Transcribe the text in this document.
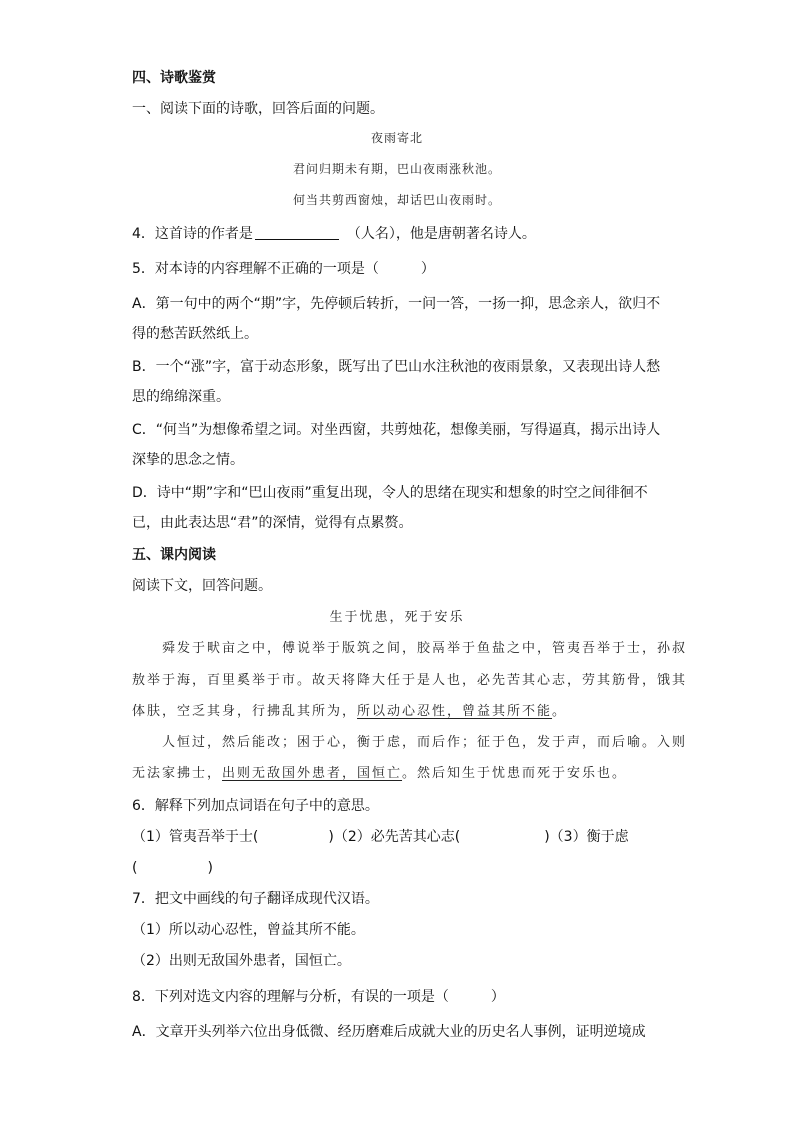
四、诗歌鉴赏
一、阅读下面的诗歌，回答后面的问题。
夜雨寄北
君问归期未有期，巴山夜雨涨秋池。
何当共剪西窗烛，却话巴山夜雨时。
4．这首诗的作者是	（人名），他是唐朝著名诗人。
5．对本诗的内容理解不正确的一项是（　　　）
A．第一句中的两个“期”字，先停顿后转折，一问一答，一扬一抑，思念亲人，欲归不
得的愁苦跃然纸上。
B．一个“涨”字，富于动态形象，既写出了巴山水注秋池的夜雨景象，又表现出诗人愁
思的绵绵深重。
C．“何当”为想像希望之词。对坐西窗，共剪烛花，想像美丽，写得逼真，揭示出诗人
深挚的思念之情。
D．诗中“期”字和“巴山夜雨”重复出现，令人的思绪在现实和想象的时空之间徘徊不
已，由此表达思“君”的深情，觉得有点累赘。
五、课内阅读
阅读下文，回答问题。
生于忧患，死于安乐
舜发于畎亩之中，傅说举于版筑之间，胶鬲举于鱼盐之中，管夷吾举于士，孙叔
敖举于海，百里奚举于市。故天将降大任于是人也，必先苦其心志，劳其筋骨，饿其
体肤，空乏其身，行拂乱其所为，所以动心忍性，曾益其所不能。
人恒过，然后能改；困于心，衡于虑，而后作；征于色，发于声，而后喻。入则
无法家拂士，出则无敌国外患者，国恒亡。然后知生于忧患而死于安乐也。
6．解释下列加点词语在句子中的意思。
（1）管夷吾举于士(　　　　　)（2）必先苦其心志(　　　　　　)（3）衡于虑
(　　　　　)
7．把文中画线的句子翻译成现代汉语。
（1）所以动心忍性，曾益其所不能。
（2）出则无敌国外患者，国恒亡。
8．下列对选文内容的理解与分析，有误的一项是（　　　）
A．文章开头列举六位出身低微、经历磨难后成就大业的历史名人事例，证明逆境成
